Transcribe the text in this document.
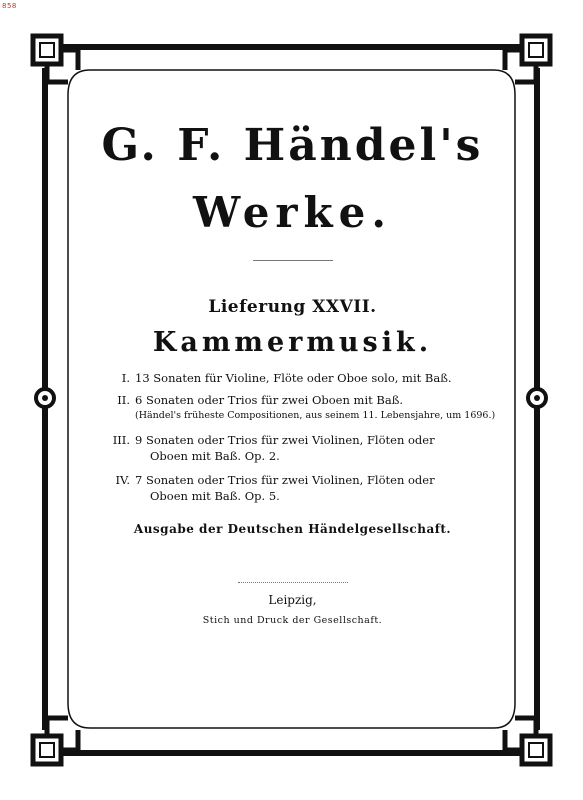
858
G. F. Händel's
Werke.
Lieferung XXVII.
Kammermusik.
I. 13 Sonaten für Violine, Flöte oder Oboe solo, mit Baß.
II. 6 Sonaten oder Trios für zwei Oboen mit Baß.
(Händel's früheste Compositionen, aus seinem 11. Lebensjahre, um 1696.)
III. 9 Sonaten oder Trios für zwei Violinen, Flöten oder
Oboen mit Baß. Op. 2.
IV. 7 Sonaten oder Trios für zwei Violinen, Flöten oder
Oboen mit Baß. Op. 5.
Ausgabe der Deutschen Händelgesellschaft.
Leipzig,
Stich und Druck der Gesellschaft.
